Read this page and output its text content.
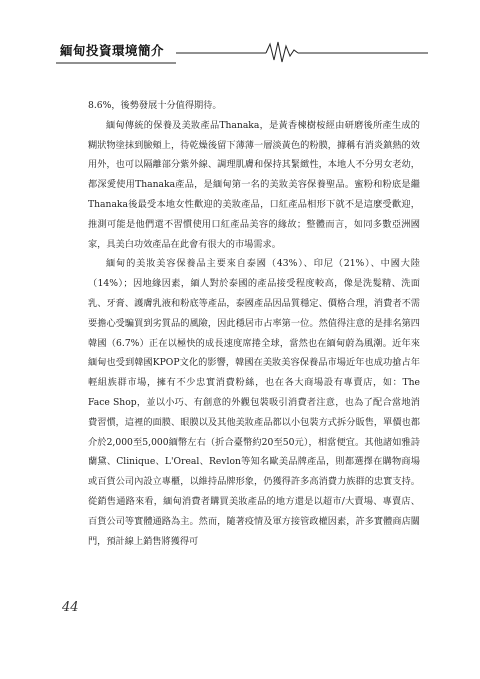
緬甸投資環境簡介

8.6%，後勢發展十分值得期待。

緬甸傳統的保養及美妝產品Thanaka，是黃香楝樹桉經由研磨後所產生成的糊狀物塗抹到臉頰上，待乾燥後留下薄薄一層淡黃色的粉膜，據稱有消炎鎮熱的效用外，也可以隔離部分紫外線、調理肌膚和保持其緊緻性，本地人不分男女老幼，都深愛使用Thanaka產品，是緬甸第一名的美妝美容保養聖品。蜜粉和粉底是繼Thanaka後最受本地女性歡迎的美妝產品，口紅產品相形下就不是這麼受歡迎，推測可能是他們還不習慣使用口紅產品美容的緣故；整體而言，如同多數亞洲國家，具美白功效產品在此會有很大的市場需求。

緬甸的美妝美容保養品主要來自泰國（43%）、印尼（21%）、中國大陸（14%）；因地緣因素，緬人對於泰國的產品接受程度較高，像是洗髮精、洗面乳、牙膏、護膚乳液和粉底等產品，泰國產品因品質穩定、價格合理，消費者不需要擔心受騙買到劣質品的風險，因此穩居市占率第一位。然值得注意的是排名第四韓國（6.7%）正在以極快的成長速度席捲全球，當然也在緬甸蔚為風潮。近年來緬甸也受到韓國KPOP文化的影響，韓國在美妝美容保養品市場近年也成功搶占年輕組族群市場，擁有不少忠實消費粉絲，也在各大商場設有專賣店，如：The Face Shop，並以小巧、有創意的外觀包裝吸引消費者注意，也為了配合當地消費習慣，這裡的面膜、眼膜以及其他美妝產品都以小包裝方式拆分販售，單價也都介於2,000至5,000緬幣左右（折合臺幣約20至50元），相當便宜。其他諸如雅詩蘭黛、Clinique、L'Oreal、Revlon等知名歐美品牌產品，則都選擇在購物商場或百貨公司內設立專櫃，以維持品牌形象，仍獲得許多高消費力族群的忠實支持。從銷售通路來看，緬甸消費者購買美妝產品的地方還是以超市/大賣場、專賣店、百貨公司等實體通路為主。然而，隨著疫情及軍方接管政權因素，許多實體商店關門，預計線上銷售將獲得可

44
